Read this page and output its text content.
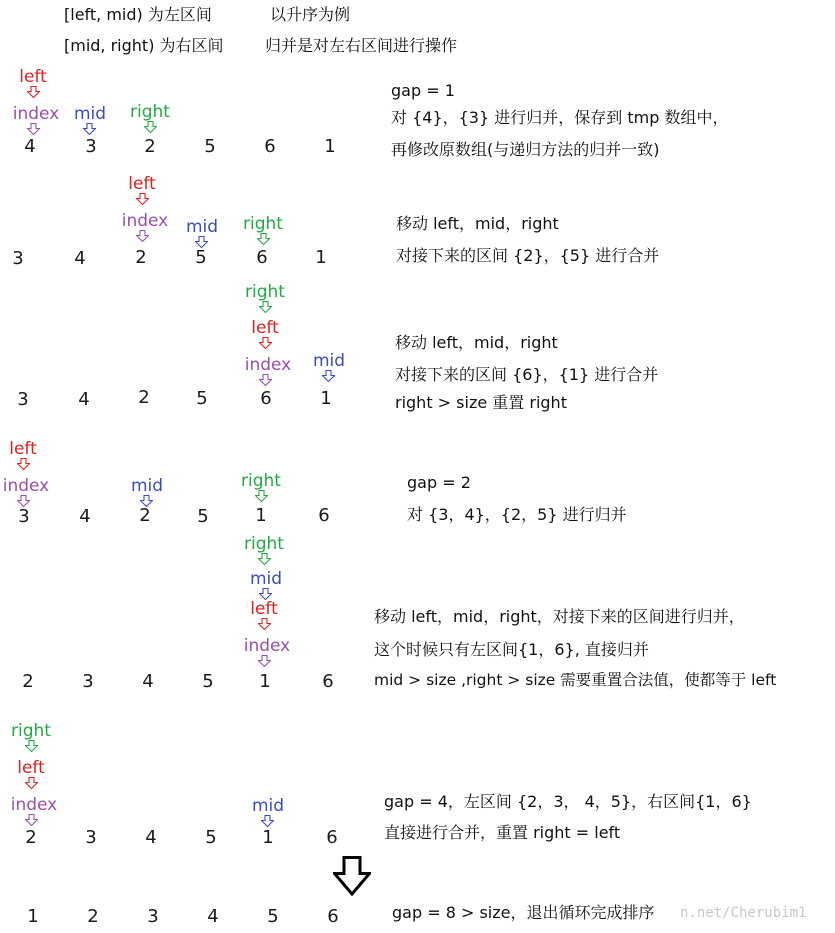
[left, mid) 为左区间	以升序为例
[mid, right) 为右区间	归并是对左右区间进行操作
left
index mid	right
4	3	2	5	6	1
gap = 1
对 {4}，{3} 进行归并，保存到 tmp 数组中，
再修改原数组(与递归方法的归并一致)
left
index	mid	right
3	4	2	5	6	1
移动 left，mid，right
对接下来的区间 {2}，{5} 进行合并
right
left
index	mid
3	4	2	5	6	1
移动 left，mid，right
对接下来的区间 {6}，{1} 进行合并
right > size 重置 right
left
index	mid	right
3	4	2	5	1	6
gap = 2
对 {3，4}，{2，5} 进行归并
right
mid
left
index
2	3	4	5	1	6
移动 left，mid，right，对接下来的区间进行归并，
这个时候只有左区间{1，6}, 直接归并
mid > size ,right > size 需要重置合法值，使都等于 left
right
left
index	mid
2	3	4	5	1	6
gap = 4，左区间 {2，3， 4，5}，右区间{1，6}
直接进行合并，重置 right = left
1	2	3	4	5	6	gap = 8 > size，退出循环完成排序 n.net/Cherubim1
